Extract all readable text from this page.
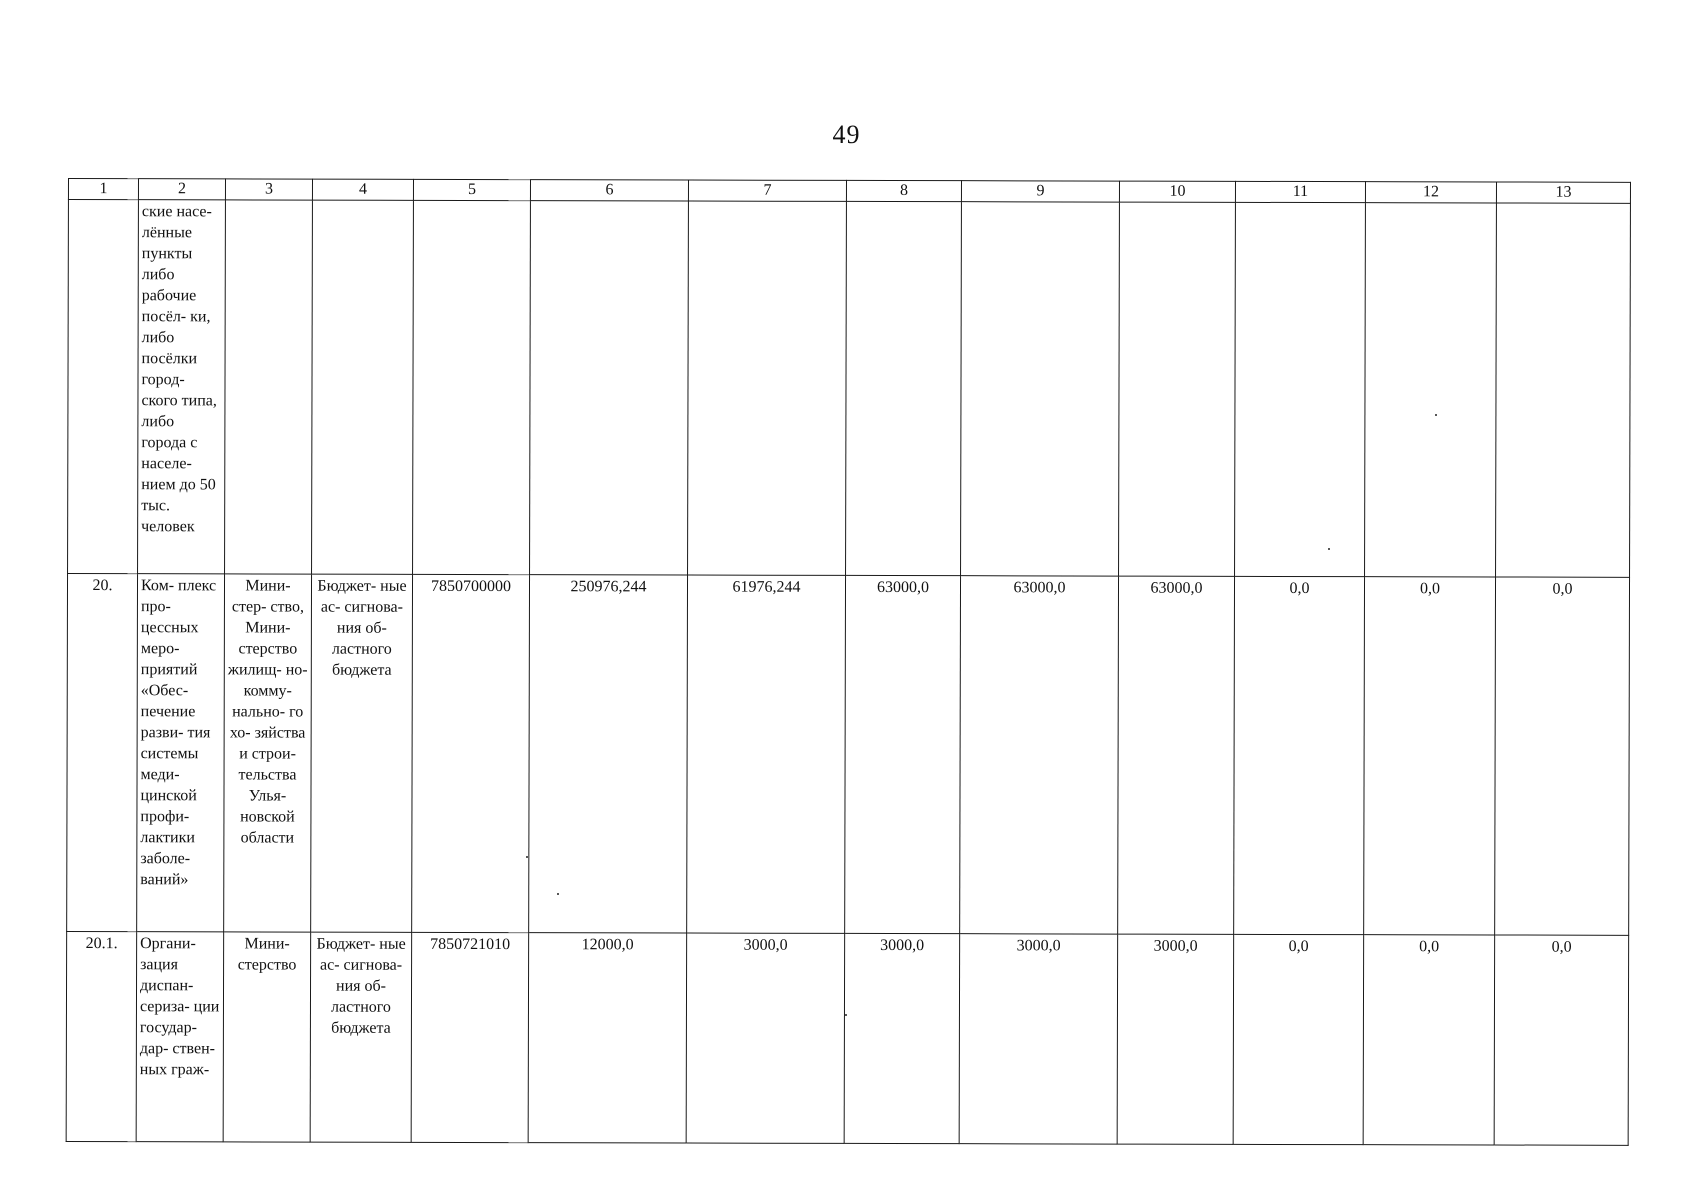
49
1	2	3	4	5	6	7	8	9	10	11	12	13
	ские насе- лённые пункты либо рабочие посёл- ки, либо посёлки город- ского типа, либо города с населе- нием до 50 тыс. человек											
20.	Ком- плекс про- цессных меро- приятий «Обес- печение разви- тия системы меди- цинской профи- лактики заболе- ваний»	Мини- стер- ство, Мини- стерство жилищ- но- комму- нально- го хо- зяйства и строи- тельства Улья- новской области	Бюджет- ные ас- сигнова- ния об- ластного бюджета	7850700000	250976,244	61976,244	63000,0	63000,0	63000,0	0,0	0,0	0,0
20.1.	Органи- зация диспан- сериза- ции государ- дар- ствен- ных граж-	Мини- стерство	Бюджет- ные ас- сигнова- ния об- ластного бюджета	7850721010	12000,0	3000,0	3000,0	3000,0	3000,0	0,0	0,0	0,0
